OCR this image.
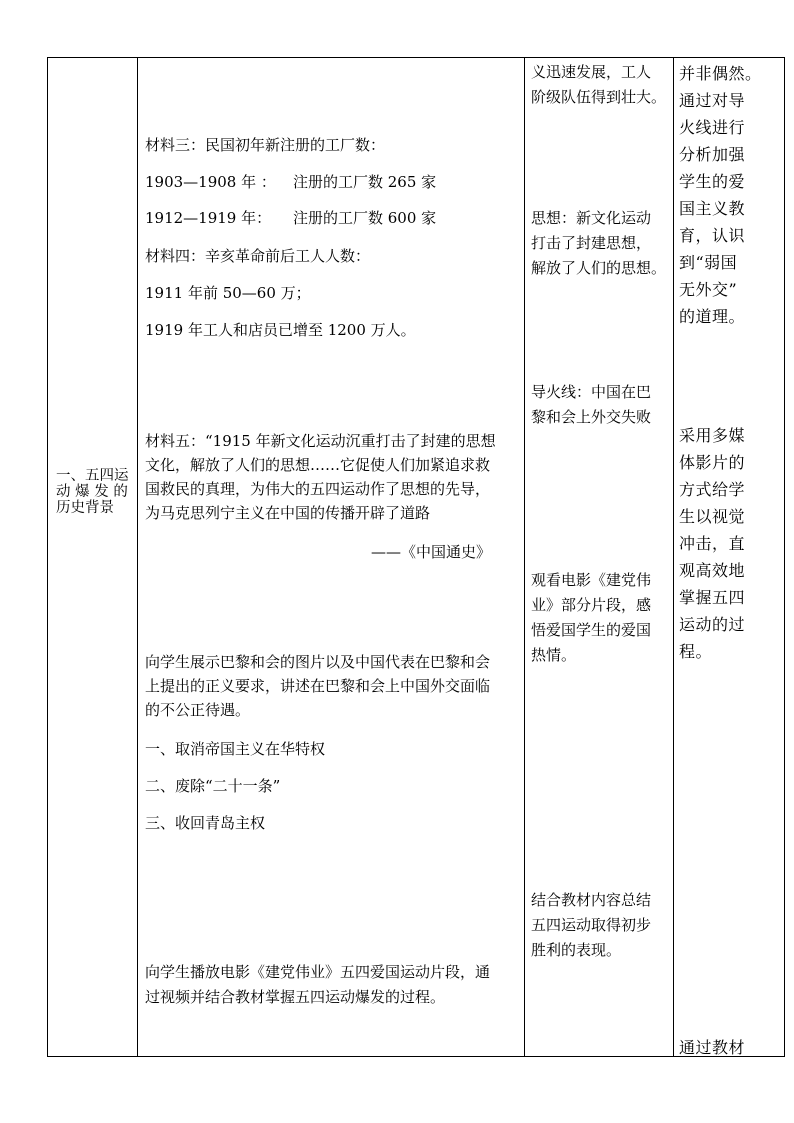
一、五四运
动 爆 发 的
历史背景
材料三：民国初年新注册的工厂数：
1903—1908 年 ： 注册的工厂数 265 家
1912—1919 年： 注册的工厂数 600 家
材料四：辛亥革命前后工人人数：
1911 年前 50—60 万；
1919 年工人和店员已增至 1200 万人。
材料五：“1915 年新文化运动沉重打击了封建的思想
文化，解放了人们的思想……它促使人们加紧追求救
国救民的真理，为伟大的五四运动作了思想的先导，
为马克思列宁主义在中国的传播开辟了道路
——《中国通史》
向学生展示巴黎和会的图片以及中国代表在巴黎和会
上提出的正义要求，讲述在巴黎和会上中国外交面临
的不公正待遇。
一、取消帝国主义在华特权
二、废除“二十一条”
三、收回青岛主权
向学生播放电影《建党伟业》五四爱国运动片段，通
过视频并结合教材掌握五四运动爆发的过程。
义迅速发展，工人
阶级队伍得到壮大。
思想：新文化运动
打击了封建思想，
解放了人们的思想。
导火线：中国在巴
黎和会上外交失败
观看电影《建党伟
业》部分片段，感
悟爱国学生的爱国
热情。
结合教材内容总结
五四运动取得初步
胜利的表现。
并非偶然。
通过对导
火线进行
分析加强
学生的爱
国主义教
育，认识
到“弱国
无外交”
的道理。
采用多媒
体影片的
方式给学
生以视觉
冲击，直
观高效地
掌握五四
运动的过
程。
通过教材
